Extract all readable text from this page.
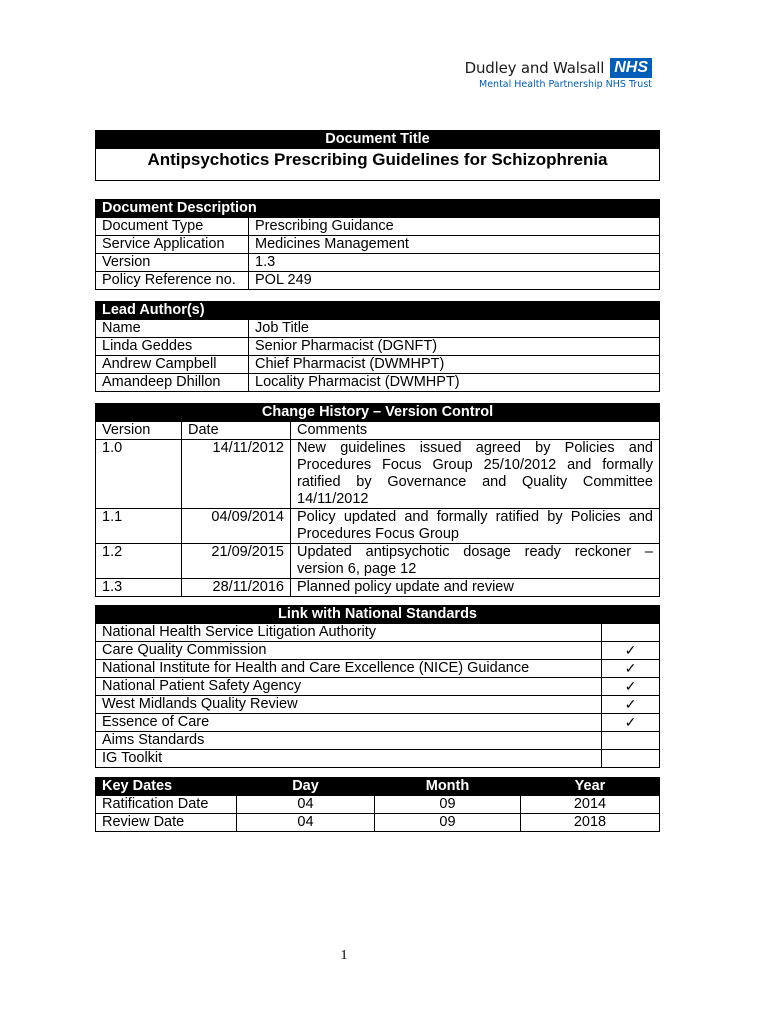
Dudley and Walsall NHS
Mental Health Partnership NHS Trust
Document Title
Antipsychotics Prescribing Guidelines for Schizophrenia
Document Description	
Document Type	Prescribing Guidance
Service Application	Medicines Management
Version	1.3
Policy Reference no.	POL 249
Lead Author(s)	
Name	Job Title
Linda Geddes	Senior Pharmacist (DGNFT)
Andrew Campbell	Chief Pharmacist (DWMHPT)
Amandeep Dhillon	Locality Pharmacist (DWMHPT)
Change History – Version Control		
Version	Date	Comments
1.0	14/11/2012	New guidelines issued agreed by Policies and Procedures Focus Group 25/10/2012 and formally ratified by Governance and Quality Committee 14/11/2012
1.1	04/09/2014	Policy updated and formally ratified by Policies and Procedures Focus Group
1.2	21/09/2015	Updated antipsychotic dosage ready reckoner – version 6, page 12
1.3	28/11/2016	Planned policy update and review
Link with National Standards	
National Health Service Litigation Authority	
Care Quality Commission	✓
National Institute for Health and Care Excellence (NICE) Guidance	✓
National Patient Safety Agency	✓
West Midlands Quality Review	✓
Essence of Care	✓
Aims Standards	
IG Toolkit	
Key Dates	Day	Month	Year
Ratification Date	04	09	2014
Review Date	04	09	2018
1
